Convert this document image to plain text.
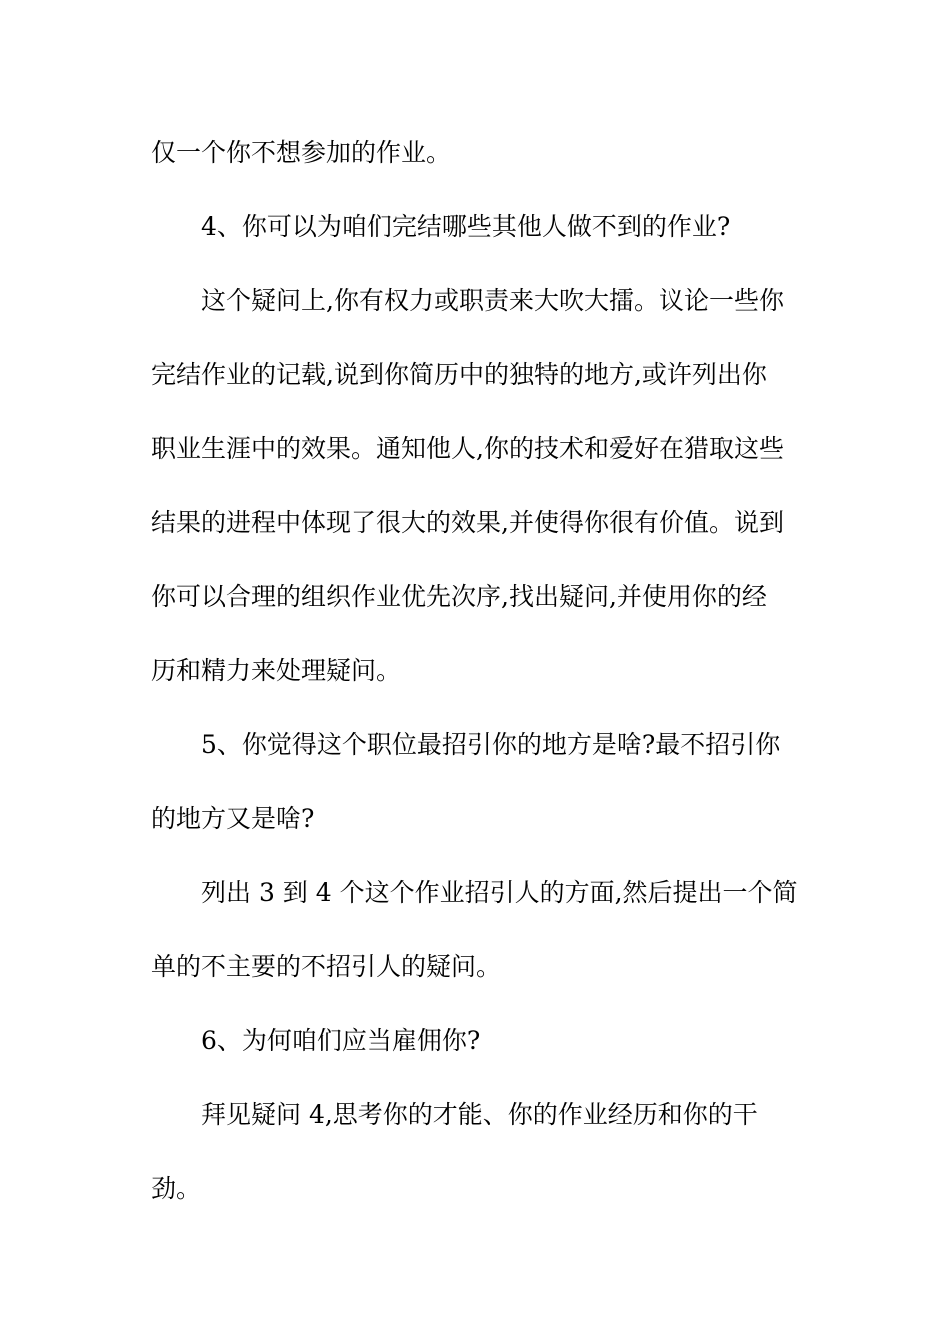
仅一个你不想参加的作业。
4、你可以为咱们完结哪些其他人做不到的作业?
这个疑问上,你有权力或职责来大吹大擂。议论一些你
完结作业的记载,说到你简历中的独特的地方,或许列出你
职业生涯中的效果。通知他人,你的技术和爱好在猎取这些
结果的进程中体现了很大的效果,并使得你很有价值。说到
你可以合理的组织作业优先次序,找出疑问,并使用你的经
历和精力来处理疑问。
5、你觉得这个职位最招引你的地方是啥?最不招引你
的地方又是啥?
列出 3 到 4 个这个作业招引人的方面,然后提出一个简
单的不主要的不招引人的疑问。
6、为何咱们应当雇佣你?
拜见疑问 4,思考你的才能、你的作业经历和你的干
劲。
